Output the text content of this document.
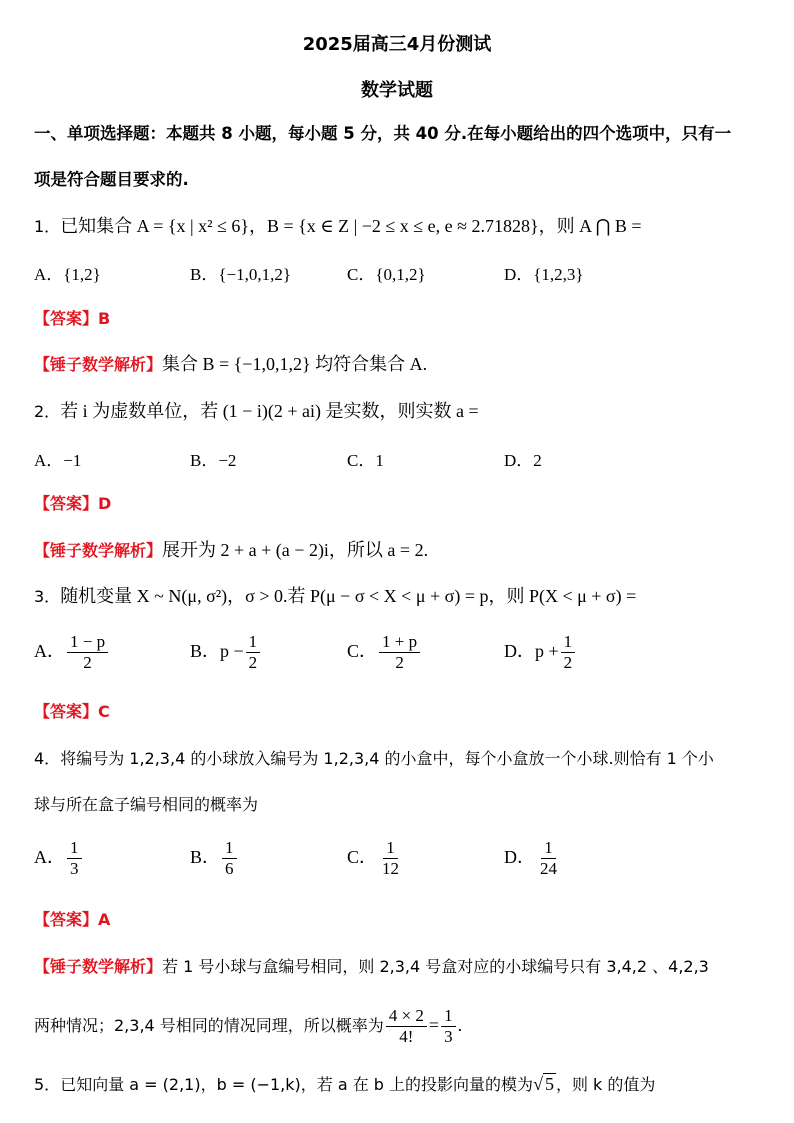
2025届高三4月份测试
数学试题
一、单项选择题：本题共 8 小题，每小题 5 分，共 40 分.在每小题给出的四个选项中，只有一
项是符合题目要求的.
1．已知集合 A = {x | x² ≤ 6}，B = {x ∈ Z | −2 ≤ x ≤ e, e ≈ 2.71828}，则 A ⋂ B =
A．{1,2}	B．{−1,0,1,2}	C．{0,1,2}	D．{1,2,3}
【答案】B
【锤子数学解析】集合 B = {−1,0,1,2} 均符合集合 A.
2．若 i 为虚数单位，若 (1 − i)(2 + ai) 是实数，则实数 a =
A．−1	B．−2	C．1	D．2
【答案】D
【锤子数学解析】展开为 2 + a + (a − 2)i，所以 a = 2.
3．随机变量 X ~ N(μ, σ²)，σ > 0.若 P(μ − σ < X < μ + σ) = p，则 P(X < μ + σ) =
A． $\frac{1 - p}{2}$	B．$p - \frac{1}{2}$	C． $\frac{1 + p}{2}$	D．$p + \frac{1}{2}$
【答案】C
4．将编号为 1,2,3,4 的小球放入编号为 1,2,3,4 的小盒中，每个小盒放一个小球.则恰有 1 个小
球与所在盒子编号相同的概率为
A． $\frac{1}{3}$	B． $\frac{1}{6}$	C． $\frac{1}{12}$	D． $\frac{1}{24}$
【答案】A
【锤子数学解析】若 1 号小球与盒编号相同，则 2,3,4 号盒对应的小球编号只有 3,4,2 、4,2,3
两种情况；2,3,4 号相同的情况同理，所以概率为 $\frac{4 \times 2}{4!} = \frac{1}{3}$ .
5．已知向量 a = (2,1)，b = (−1,k)，若 a 在 b 上的投影向量的模为√ 5 ，则 k 的值为
